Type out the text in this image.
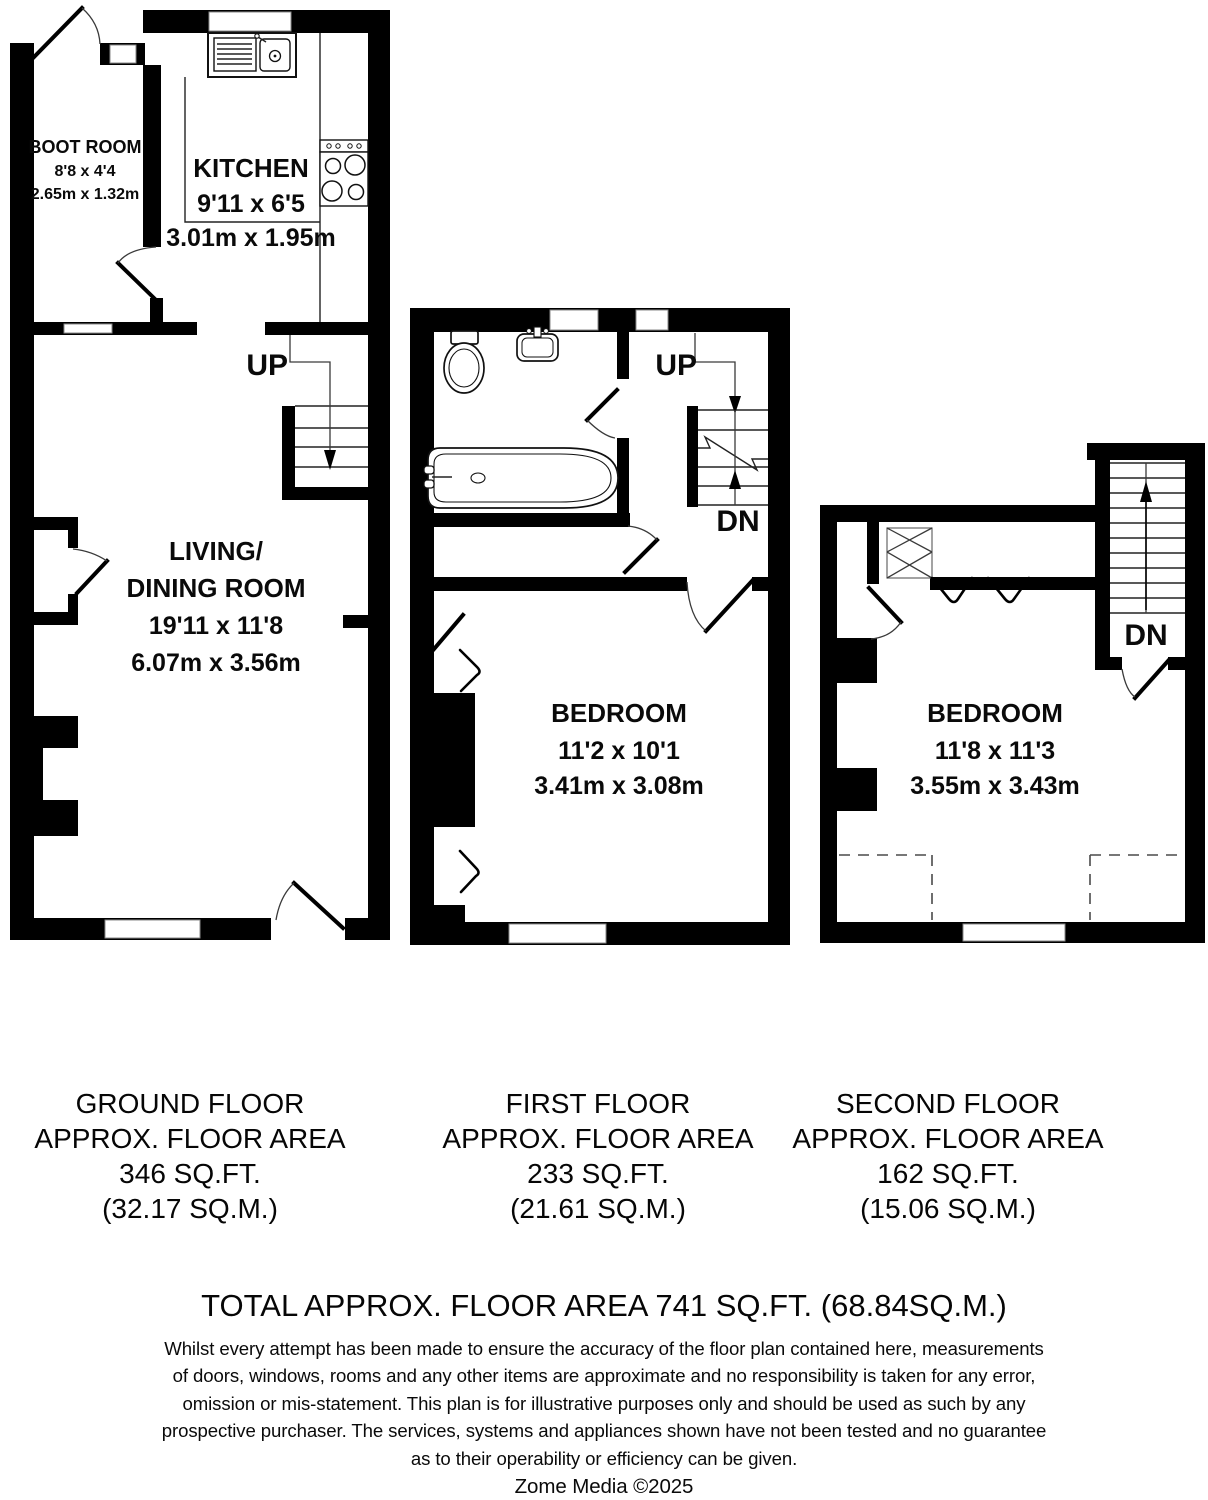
UP
BOOT ROOM
8'8 x 4'4
2.65m x 1.32m
KITCHEN
9'11 x 6'5
3.01m x 1.95m
LIVING/
DINING ROOM
19'11 x 11'8
6.07m x 3.56m
UP
DN
BEDROOM
11'2 x 10'1
3.41m x 3.08m
DN
BEDROOM
11'8 x 11'3
3.55m x 3.43m
GROUND FLOOR
APPROX. FLOOR AREA
346 SQ.FT.
(32.17 SQ.M.)
FIRST FLOOR
APPROX. FLOOR AREA
233 SQ.FT.
(21.61 SQ.M.)
SECOND FLOOR
APPROX. FLOOR AREA
162 SQ.FT.
(15.06 SQ.M.)
TOTAL APPROX. FLOOR AREA 741 SQ.FT. (68.84SQ.M.)
Whilst every attempt has been made to ensure the accuracy of the floor plan contained here, measurements
of doors, windows, rooms and any other items are approximate and no responsibility is taken for any error,
omission or mis-statement. This plan is for illustrative purposes only and should be used as such by any
prospective purchaser. The services, systems and appliances shown have not been tested and no guarantee
as to their operability or efficiency can be given.
Zome Media ©2025
